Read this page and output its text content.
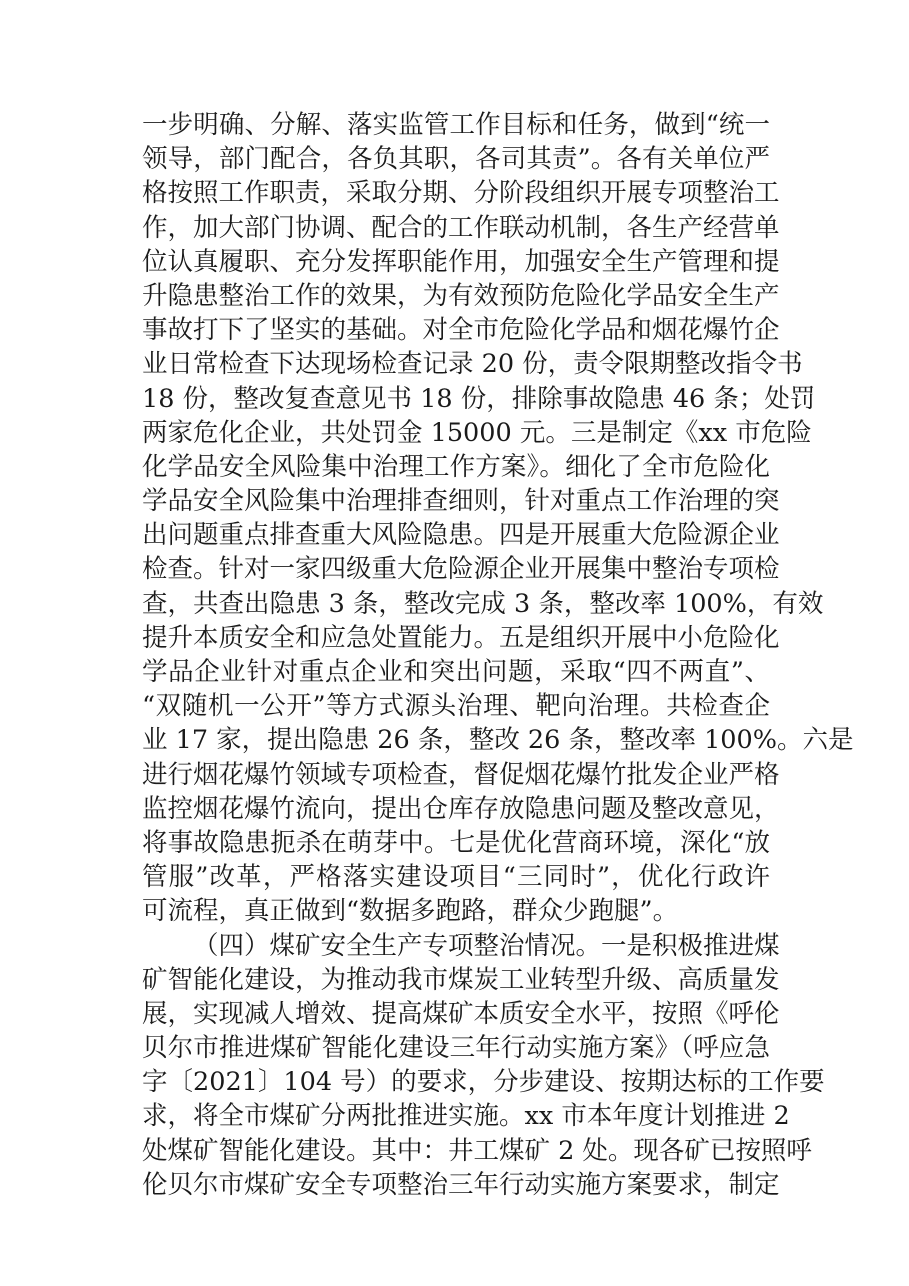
一步明确、分解、落实监管工作目标和任务，做到“统一
领导，部门配合，各负其职，各司其责”。各有关单位严
格按照工作职责，采取分期、分阶段组织开展专项整治工
作，加大部门协调、配合的工作联动机制，各生产经营单
位认真履职、充分发挥职能作用，加强安全生产管理和提
升隐患整治工作的效果，为有效预防危险化学品安全生产
事故打下了坚实的基础。对全市危险化学品和烟花爆竹企
业日常检查下达现场检查记录 20 份，责令限期整改指令书
18 份，整改复查意见书 18 份，排除事故隐患 46 条；处罚
两家危化企业，共处罚金 15000 元。三是制定《xx 市危险
化学品安全风险集中治理工作方案》。细化了全市危险化
学品安全风险集中治理排查细则，针对重点工作治理的突
出问题重点排查重大风险隐患。四是开展重大危险源企业
检查。针对一家四级重大危险源企业开展集中整治专项检
查，共查出隐患 3 条，整改完成 3 条，整改率 100%，有效
提升本质安全和应急处置能力。五是组织开展中小危险化
学品企业针对重点企业和突出问题，采取“四不两直”、
“双随机一公开”等方式源头治理、靶向治理。共检查企
业 17 家，提出隐患 26 条，整改 26 条，整改率 100%。六是
进行烟花爆竹领域专项检查，督促烟花爆竹批发企业严格
监控烟花爆竹流向，提出仓库存放隐患问题及整改意见，
将事故隐患扼杀在萌芽中。七是优化营商环境，深化“放
管服”改革，严格落实建设项目“三同时”，优化行政许
可流程，真正做到“数据多跑路，群众少跑腿”。
（四）煤矿安全生产专项整治情况。一是积极推进煤
矿智能化建设，为推动我市煤炭工业转型升级、高质量发
展，实现减人增效、提高煤矿本质安全水平，按照《呼伦
贝尔市推进煤矿智能化建设三年行动实施方案》（呼应急
字〔2021〕104 号）的要求，分步建设、按期达标的工作要
求，将全市煤矿分两批推进实施。xx 市本年度计划推进 2
处煤矿智能化建设。其中：井工煤矿 2 处。现各矿已按照呼
伦贝尔市煤矿安全专项整治三年行动实施方案要求，制定
